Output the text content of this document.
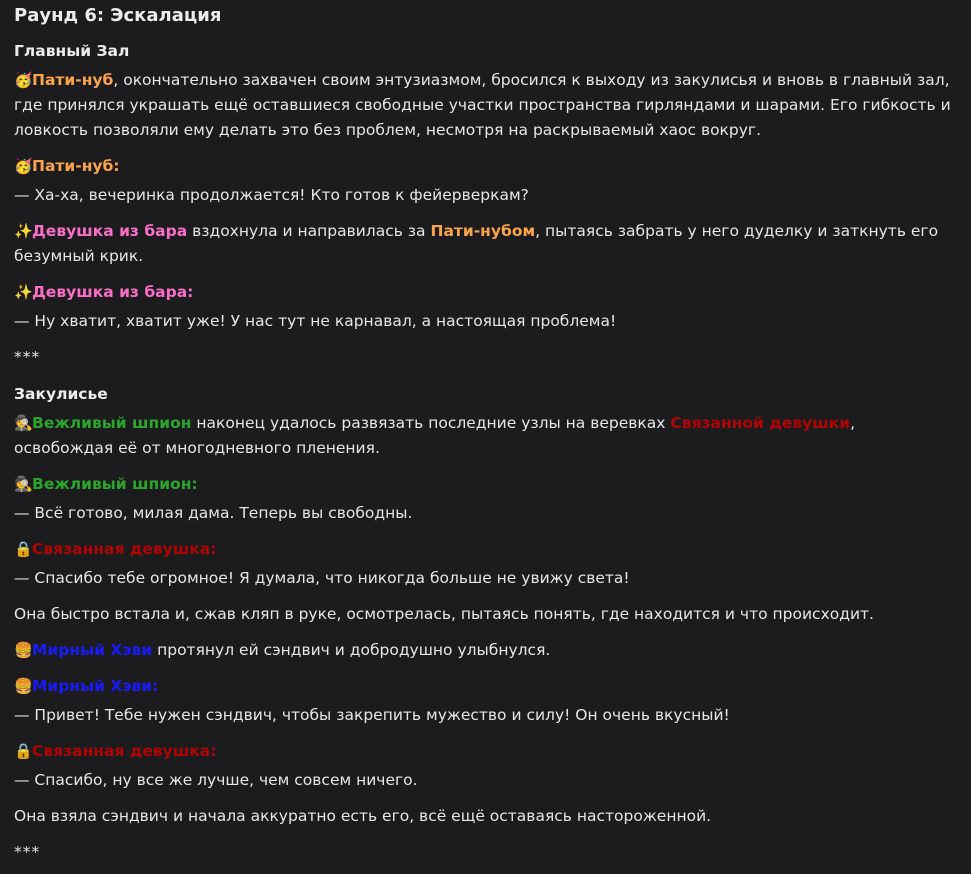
Раунд 6: Эскалация
Главный Зал

🥳Пати-нуб, окончательно захвачен своим энтузиазмом, бросился к выходу из закулисья и вновь в главный зал, где принялся украшать ещё оставшиеся свободные участки пространства гирляндами и шарами. Его гибкость и ловкость позволяли ему делать это без проблем, несмотря на раскрываемый хаос вокруг.

🥳Пати-нуб:

— Ха-ха, вечеринка продолжается! Кто готов к фейерверкам?

✨Девушка из бара вздохнула и направилась за Пати-нубом, пытаясь забрать у него дуделку и заткнуть его безумный крик.

✨Девушка из бара:

— Ну хватит, хватит уже! У нас тут не карнавал, а настоящая проблема!

***

Закулисье

🕵Вежливый шпион наконец удалось развязать последние узлы на веревках Связанной девушки, освобождая её от многодневного пленения.

🕵Вежливый шпион:

— Всё готово, милая дама. Теперь вы свободны.

🔒Связанная девушка:

— Спасибо тебе огромное! Я думала, что никогда больше не увижу света!

Она быстро встала и, сжав кляп в руке, осмотрелась, пытаясь понять, где находится и что происходит.

🍔Мирный Хэви протянул ей сэндвич и добродушно улыбнулся.

🍔Мирный Хэви:

— Привет! Тебе нужен сэндвич, чтобы закрепить мужество и силу! Он очень вкусный!

🔒Связанная девушка:

— Спасибо, ну все же лучше, чем совсем ничего.

Она взяла сэндвич и начала аккуратно есть его, всё ещё оставаясь настороженной.

***
